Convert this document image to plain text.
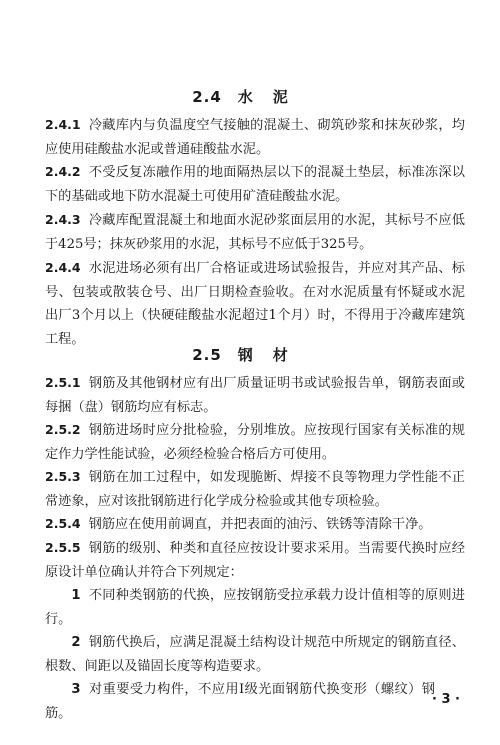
2.4 水泥

2.4.1 冷藏库内与负温度空气接触的混凝土、砌筑砂浆和抹灰砂浆，均应使用硅酸盐水泥或普通硅酸盐水泥。

2.4.2 不受反复冻融作用的地面隔热层以下的混凝土垫层，标准冻深以下的基础或地下防水混凝土可使用矿渣硅酸盐水泥。

2.4.3 冷藏库配置混凝土和地面水泥砂浆面层用的水泥，其标号不应低于425号；抹灰砂浆用的水泥，其标号不应低于325号。

2.4.4 水泥进场必须有出厂合格证或进场试验报告，并应对其产品、标号、包装或散装仓号、出厂日期检查验收。在对水泥质量有怀疑或水泥出厂3个月以上（快硬硅酸盐水泥超过1个月）时，不得用于冷藏库建筑工程。

2.5 钢材

2.5.1 钢筋及其他钢材应有出厂质量证明书或试验报告单，钢筋表面或每捆（盘）钢筋均应有标志。

2.5.2 钢筋进场时应分批检验，分别堆放。应按现行国家有关标准的规定作力学性能试验，必须经检验合格后方可使用。

2.5.3 钢筋在加工过程中，如发现脆断、焊接不良等物理力学性能不正常迹象，应对该批钢筋进行化学成分检验或其他专项检验。

2.5.4 钢筋应在使用前调直，并把表面的油污、铁锈等清除干净。

2.5.5 钢筋的级别、种类和直径应按设计要求采用。当需要代换时应经原设计单位确认并符合下列规定：

1 不同种类钢筋的代换，应按钢筋受拉承载力设计值相等的原则进行。

2 钢筋代换后，应满足混凝土结构设计规范中所规定的钢筋直径、根数、间距以及锚固长度等构造要求。

3 对重要受力构件，不应用Ⅰ级光面钢筋代换变形（螺纹）钢筋。

· 3 ·
